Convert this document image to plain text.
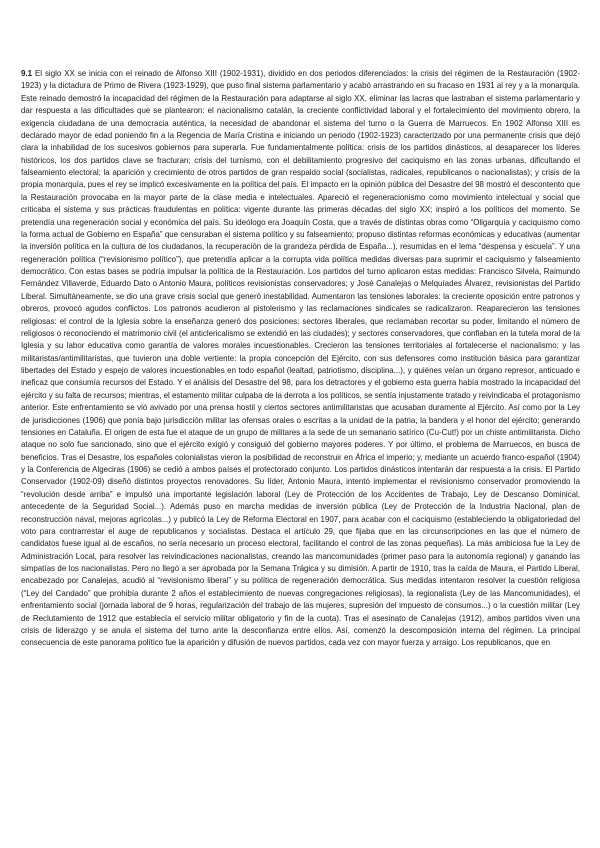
9.1 El siglo XX se inicia con el reinado de Alfonso XIII (1902-1931), dividido en dos periodos diferenciados: la crisis del régimen de la Restauración (1902-1923) y la dictadura de Primo de Rivera (1923-1929), que puso final sistema parlamentario y acabó arrastrando en su fracaso en 1931 al rey y a la monarquía. Este reinado demostró la incapacidad del régimen de la Restauración para adaptarse al siglo XX, eliminar las lacras que lastraban el sistema parlamentario y dar respuesta a las dificultades que se plantearon: el nacionalismo catalán, la creciente conflictividad laboral y el fortalecimiento del movimiento obrero, la exigencia ciudadana de una democracia auténtica, la necesidad de abandonar el sistema del turno o la Guerra de Marruecos. En 1902 Alfonso XIII es declarado mayor de edad poniendo fin a la Regencia de María Cristina e iniciando un periodo (1902-1923) caracterizado por una permanente crisis que dejó clara la inhabilidad de los sucesivos gobiernos para superarla. Fue fundamentalmente política: crisis de los partidos dinásticos, al desaparecer los líderes históricos, los dos partidos clave se fracturan; crisis del turnismo, con el debilitamiento progresivo del caciquismo en las zonas urbanas, dificultando el falseamiento electoral; la aparición y crecimiento de otros partidos de gran respaldo social (socialistas, radicales, republicanos o nacionalistas); y crisis de la propia monarquía, pues el rey se implicó excesivamente en la política del país. El impacto en la opinión pública del Desastre del 98 mostró el descontento que la Restauración provocaba en la mayor parte de la clase media e intelectuales. Apareció el regeneracionismo como movimiento intelectual y social que criticaba el sistema y sus prácticas fraudulentas en política: vigente durante las primeras décadas del siglo XX; inspiró a los políticos del momento. Se pretendía una regeneración social y económica del país. Su ideólogo era Joaquín Costa, que a través de distintas obras como “Oligarquía y caciquismo como la forma actual de Gobierno en España” que censuraban el sistema político y su falseamiento; propuso distintas reformas económicas y educativas (aumentar la inversión política en la cultura de los ciudadanos, la recuperación de la grandeza pérdida de España...), resumidas en el lema “despensa y escuela”. Y una regeneración política (“revisionismo político”), que pretendía aplicar a la corrupta vida política medidas diversas para suprimir el caciquismo y falseamiento democrático. Con estas bases se podría impulsar la política de la Restauración. Los partidos del turno aplicaron estas medidas: Francisco Silvela, Raimundo Fernández Villaverde, Eduardo Dato o Antonio Maura, políticos revisionistas conservadores; y José Canalejas o Melquíades Álvarez, revisionistas del Partido Liberal. Simultáneamente, se dio una grave crisis social que generó inestabilidad. Aumentaron las tensiones laborales: la creciente oposición entre patronos y obreros, provocó agudos conflictos. Los patronos acudieron al pistolerismo y las reclamaciones sindicales se radicalizaron. Reaparecieron las tensiones religiosas: el control de la Iglesia sobre la enseñanza generó dos posiciones: sectores liberales, que reclamaban recortar su poder, limitando el número de religiosos o reconociendo el matrimonio civil (el anticlericalismo se extendió en las ciudades); y sectores conservadores, que confiaban en la tutela moral de la Iglesia y su labor educativa como garantía de valores morales incuestionables. Crecieron las tensiones territoriales al fortalecerse el nacionalismo; y las militaristas/antimilitaristas, que tuvieron una doble vertiente: la propia concepción del Ejército, con sus defensores como institución básica para garantizar libertades del Estado y espejo de valores incuestionables en todo español (lealtad, patriotismo, disciplina...), y quiénes veían un órgano represor, anticuado e ineficaz que consumía recursos del Estado. Y el análisis del Desastre del 98, para los detractores y el gobierno esta guerra había mostrado la incapacidad del ejército y su falta de recursos; mientras, el estamento militar culpaba de la derrota a los políticos, se sentía injustamente tratado y reivindicaba el protagonismo anterior. Este enfrentamiento se vió avivado por una prensa hostil y ciertos sectores antimilitaristas que acusaban duramente al Ejército. Así como por la Ley de jurisdicciones (1906) que ponía bajo jurisdicción militar las ofensas orales o escritas a la unidad de la patria, la bandera y el honor del ejército; generando tensiones en Cataluña. El origen de esta fue el ataque de un grupo de militares a la sede de un semanario satírico (Cu-Cut!) por un chiste antimilitarista. Dicho ataque no solo fue sancionado, sino que el ejército exigió y consiguió del gobierno mayores poderes. Y por último, el problema de Marruecos, en busca de beneficios. Tras el Desastre, los españoles colonialistas vieron la posibilidad de reconstruir en África el imperio; y, mediante un acuerdo franco-español (1904) y la Conferencia de Algeciras (1906) se cedió a ambos países el protectorado conjunto. Los partidos dinásticos intentarán dar respuesta a la crisis. El Partido Conservador (1902-09) diseñó distintos proyectos renovadores. Su líder, Antonio Maura, intentó implementar el revisionismo conservador promoviendo la “revolución desde arriba” e impulsó una importante legislación laboral (Ley de Protección de los Accidentes de Trabajo, Ley de Descanso Dominical, antecedente de la Seguridad Social...). Además puso en marcha medidas de inversión pública (Ley de Protección de la Industria Nacional, plan de reconstrucción naval, mejoras agrícolas...) y publicó la Ley de Reforma Electoral en 1907, para acabar con el caciquismo (estableciendo la obligatoriedad del voto para contrarrestar el auge de republicanos y socialistas. Destaca el artículo 29, que fijaba que en las circunscripciones en las que el número de candidatos fuese igual al de escaños, no sería necesario un proceso electoral, facilitando el control de las zonas pequeñas). La más ambiciosa fue la Ley de Administración Local, para resolver las reivindicaciones nacionalistas, creando las mancomunidades (primer paso para la autonomía regional) y ganando las simpatías de los nacionalistas. Pero no llegó a ser aprobada por la Semana Trágica y su dimisión. A partir de 1910, tras la caída de Maura, el Partido Liberal, encabezado por Canalejas, acudió al “revisionismo liberal” y su política de regeneración democrática. Sus medidas intentaron resolver la cuestión religiosa (“Ley del Candado” que prohibía durante 2 años el establecimiento de nuevas congregaciones religiosas), la regionalista (Ley de las Mancomunidades), el enfrentamiento social (jornada laboral de 9 horas, regularización del trabajo de las mujeres, supresión del impuesto de consumos...) o la cuestión militar (Ley de Reclutamiento de 1912 que establecía el servicio militar obligatorio y fin de la cuota). Tras el asesinato de Canalejas (1912), ambos partidos viven una crisis de liderazgo y se anula el sistema del turno ante la desconfianza entre ellos. Así, comenzó la descomposición interna del régimen. La principal consecuencia de este panorama político fue la aparición y difusión de nuevos partidos, cada vez con mayor fuerza y arraigo. Los republicanos, que en
